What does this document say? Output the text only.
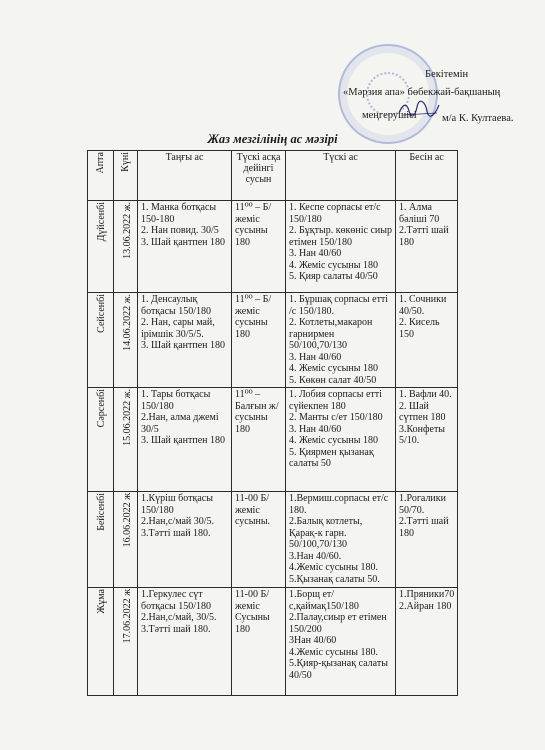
Бекітемін
«Мәрзия апа» бөбекжай-бақшаның
меңгерушісі м/а К. Култаева.
Жаз мезгілінің ас мәзірі
Апта	Күні	Таңғы ас	Түскі асқа дейінгі сусын	Түскі ас	Бесін ас
Дүйсенбі	13.06.2022 ж.	1. Манка ботқасы 150-180
2. Нан повид. 30/5
3. Шай қантпен 180	11⁰⁰ – Б/жеміс сусыны 180	1. Кеспе сорпасы ет/с 150/180
2. Бұқтыр. көкөніс сиыр етімен 150/180
3. Нан 40/60
4. Жеміс сусыны 180
5. Қияр салаты 40/50	1. Алма бәліші 70
2.Тәтті шай 180

Сейсенбі	14.06.2022 ж.	1. Денсаулық ботқасы 150/180
2. Нан, сары май, ірімшік 30/5/5.
3. Шай қантпен 180	11⁰⁰ – Б/жеміс сусыны 180	1. Бұршақ сорпасы етті /с 150/180.
2. Котлеты,макарон гарнирмен 50/100,70/130
3. Нан 40/60
4. Жеміс сусыны 180
5. Көкөн салат 40/50	1. Сочники 40/50.
2. Кисель 150

Сәрсенбі	15.06.2022 ж.	1. Тары ботқасы 150/180
2.Нан, алма джемі 30/5
3. Шай қантпен 180	11⁰⁰ – Балғын ж/сусыны 180	1. Лобия сорпасы етті сүйекпен 180
2. Манты с/ет 150/180
3. Нан 40/60
4. Жеміс сусыны 180
5. Қиярмен қызанақ салаты 50	1. Вафли 40.
2. Шай сүтпен 180
3.Конфеты 5/10.

Бейсенбі	16.06.2022 ж	1.Күріш ботқасы 150/180
2.Нан,с/май 30/5.
3.Тәтті шай 180.	11-00 Б/жеміс сусыны.	1.Вермиш.сорпасы ет/с 180.
2.Балық котлеты, Қарақ-к гарн. 50/100,70/130
3.Нан 40/60.
4.Жеміс сусыны 180.
5.Қызанақ салаты 50.	1.Рогалики 50/70.
2.Тәтті шай 180

Жұма	17.06.2022 ж	1.Геркулес сүт ботқасы 150/180
2.Нан,с/май, 30/5.
3.Тәтті шай 180.	11-00 Б/жеміс Сусыны 180	1.Борщ ет/с,қаймақ150/180
2.Палау,сиыр ет етімен 150/200
3Нан 40/60
4.Жеміс сусыны 180.
5.Қияр-қызанақ салаты 40/50	1.Пряники70
2.Айран 180
